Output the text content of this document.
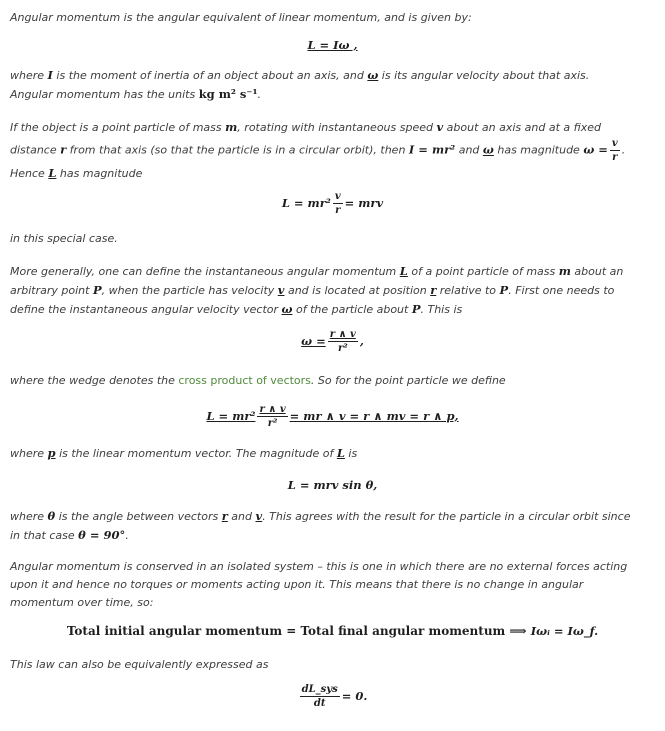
Angular momentum is the angular equivalent of linear momentum, and is given by:

L = Iω ,

where I is the moment of inertia of an object about an axis, and ω is its angular velocity about that axis. Angular momentum has the units kg m² s⁻¹.

If the object is a point particle of mass m, rotating with instantaneous speed v about an axis and at a fixed distance r from that axis (so that the particle is in a circular orbit), then I = mr² and ω has magnitude $\omega = \frac{v}{r}$ . Hence L has magnitude

$L = mr^2 \frac{v}{r}$ = mrv

in this special case.

More generally, one can define the instantaneous angular momentum L of a point particle of mass m about an arbitrary point P, when the particle has velocity v and is located at position r relative to P. First one needs to define the instantaneous angular velocity vector ω of the particle about P. This is

$\omega = \frac{r \wedge v}{\text{r²}}$ ,

where the wedge denotes the cross product of vectors. So for the point particle we define

$L = mr^2 \frac{r \wedge v}{\text{r²}}$ = mr ∧ v = r ∧ mv = r ∧ p,

where p is the linear momentum vector. The magnitude of L is

L = mrv sin θ,

where θ is the angle between vectors r and v. This agrees with the result for the particle in a circular orbit since in that case θ = 90°.

Angular momentum is conserved in an isolated system – this is one in which there are no external forces acting upon it and hence no torques or moments acting upon it. This means that there is no change in angular momentum over time, so:

Total initial angular momentum = Total final angular momentum ⟹ Iωᵢ = Iω_f.

This law can also be equivalently expressed as

$\frac{\text{dL\_sys}}{dt} = 0$.
